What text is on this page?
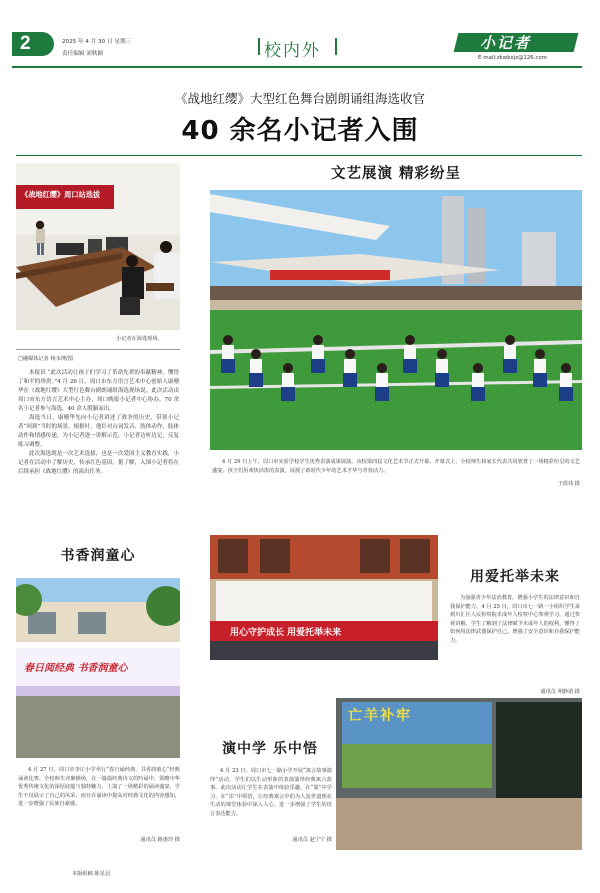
2	2025 年 4 月 30 日 星期三
责任编辑 刘秋颖	校内外	小记者
E-mail:zkwbxjz@126.com
《战地红缨》大型红色舞台剧朗诵组海选收官
40 余名小记者入围
《战地红缨》周口站选拔
小记者在海选现场。
□融媒体记者 杨永博/图

本报讯 “此次活动让孩子们学习了革命先辈的奉献精神，懂得了和平的珍贵。”4 月 26 日，周口市东方语言艺术中心创始人康珊华在《战地红缨》大型红色舞台剧朗诵组海选现场说。此次活动由周口市东方语言艺术中心主办，周口晚报小记者中心协办，70 余名小记者参与海选，40 余人脱颖而出。

海选当日，康珊华先向小记者讲述了战争的历史，带领小记者“回到”当时的场景，根据叶，他针对台词发音、肢体动作、肢体动作和情感传递，为小记者逐一讲解示范，小记者边听边记，反复练习调整。

此次海选既是一次艺术选拔，也是一次爱国主义教育实践，小记者在活动中了解历史，传承红色基因。据了解，入围小记者将在后续承担《战地红缨》的演出任务。

文艺展演 精彩纷呈
4 月 29 日上午，周口市实验学校学生优秀表演成果展演，该校第四届文化艺术节正式开幕。开幕式上，全校师生和家长代表共同欣赏了一场精彩纷呈的文艺盛宴。孩子们用欢快活泼的表演，展现了新时代少年的艺术才华与青春活力。
王倩玮 摄
书香润童心
春日阅经典 书香润童心
4 月 27 日，周口市李庄小学举行“春日诵经典，书香润童心”经典诵读比赛。全校师生齐聚操场，在一篇篇经典诗文的吟诵中，领略中华优秀传统文化的深厚底蕴与独特魅力，上演了一场精彩的诵读盛宴，学生不仅展示了自己的风采，而且在诵读中提高对经典文化的内容感知，进一步增强了民族自豪感。
通讯员 路惠玲 摄
本版组稿 陈星羽
用心守护成长 用爱托举未来
用爱托举未来
为加强青少年法治教育，增强小学生的法律意识和自我保护能力，4 月 25 日，周口市七一路一小组织学生来到川汇区人民检察院未成年人检察中心参观学习。通过参观讲解，学生了解到了法律赋予未成年人的权利，懂得了如何用法律武器保护自己，增强了安全意识和自我保护能力。
通讯员 朔静诺 摄
演中学 乐中悟
4 月 23 日，周口市七一路小学开展“寓言故事演绎”活动，学生们以生动形象的表演演绎经典寓言故事。此次活动让学生在表演中体验乐趣，在“演”中学习，在“乐”中领悟，让经典寓言中的为人处世道理在生动的课堂体验中深入人心，进一步增强了学生的语言表达能力。
通讯员 赵宁宁 摄
亡羊补牢
